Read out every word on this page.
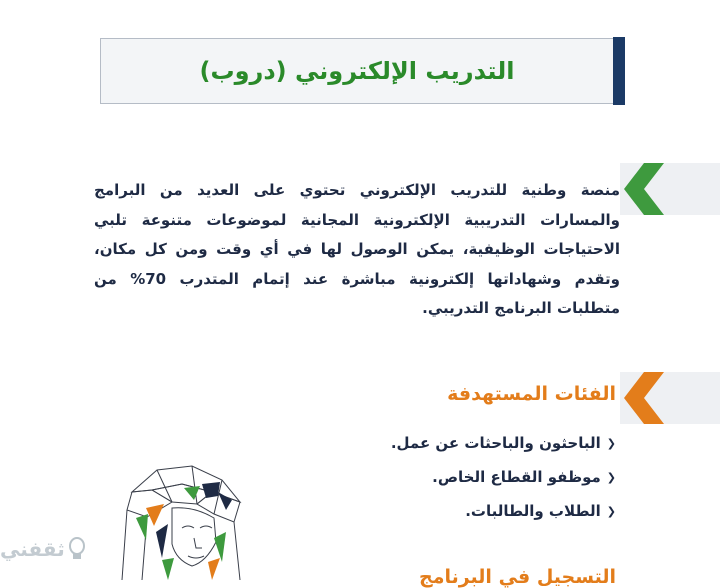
التدريب الإلكتروني (دروب)
منصة وطنية للتدريب الإلكتروني تحتوي على العديد من البرامج والمسارات التدريبية الإلكترونية المجانية لموضوعات متنوعة تلبي الاحتياجات الوظيفية، يمكن الوصول لها في أي وقت ومن كل مكان، وتقدم وشهاداتها إلكترونية مباشرة عند إتمام المتدرب 70% من متطلبات البرنامج التدريبي.
الفئات المستهدفة
❮
الباحثون والباحثات عن عمل.
❮
موظفو القطاع الخاص.
❮
الطلاب والطالبات.
التسجيل في البرنامج
ثقفني
